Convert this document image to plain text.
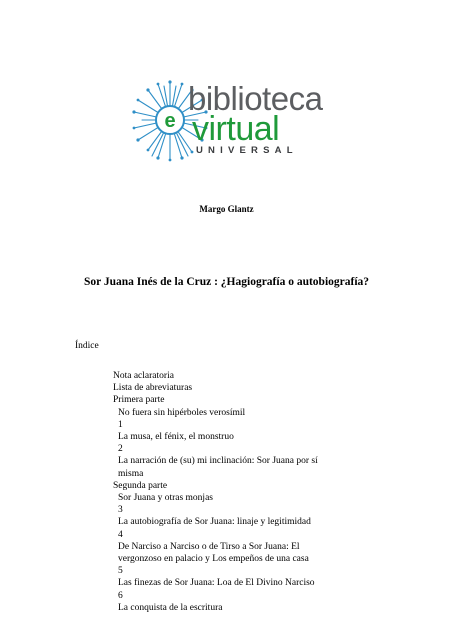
e
biblioteca
virtual
UNIVERSAL
Margo Glantz
Sor Juana Inés de la Cruz : ¿Hagiografía o autobiografía?
Índice
Nota aclaratoria
Lista de abreviaturas
Primera parte
No fuera sin hipérboles verosímil
1
La musa, el fénix, el monstruo
2
La narración de (su) mi inclinación: Sor Juana por sí misma
Segunda parte
Sor Juana y otras monjas
3
La autobiografía de Sor Juana: linaje y legitimidad
4
De Narciso a Narciso o de Tirso a Sor Juana: El vergonzoso en palacio y Los empeños de una casa
5
Las finezas de Sor Juana: Loa de El Divino Narciso
6
La conquista de la escritura
